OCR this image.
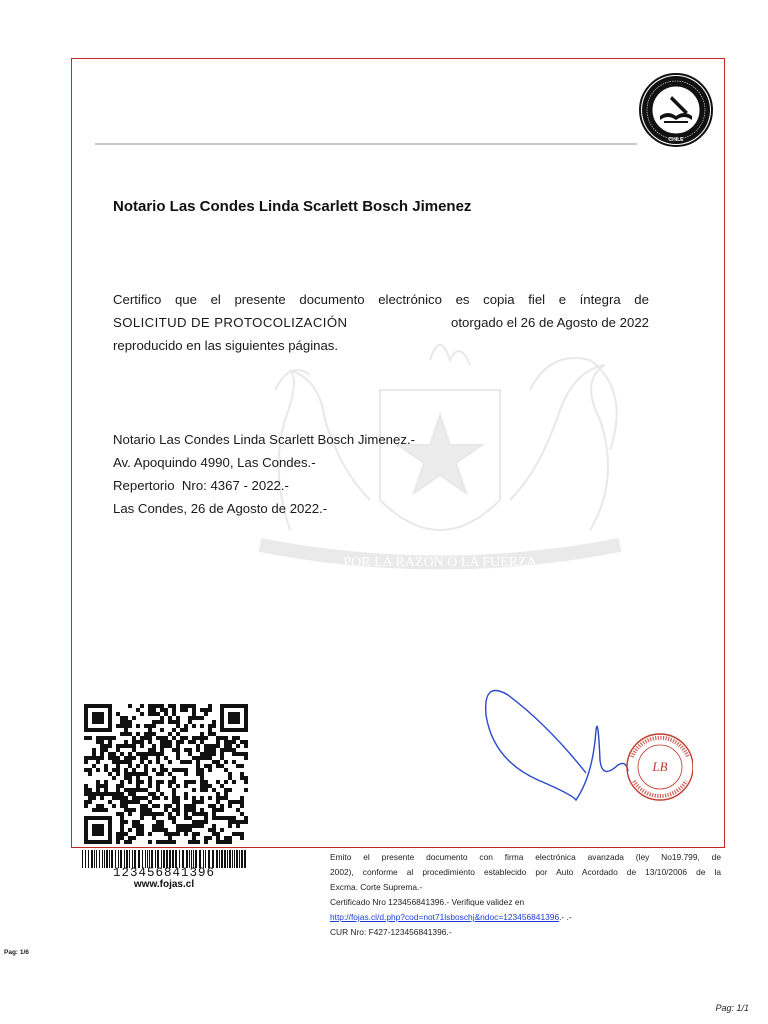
CHILE
POR LA RAZON O LA FUERZA
Notario Las Condes Linda Scarlett Bosch Jimenez
Certifico que el presente documento electrónico es copia fiel e íntegra de
SOLICITUD DE PROTOCOLIZACIÓN	otorgado el 26 de Agosto de 2022
reproducido en las siguientes páginas.
Notario Las Condes Linda Scarlett Bosch Jimenez.-
Av. Apoquindo 4990, Las Condes.-
Repertorio  Nro: 4367 - 2022.-
Las Condes, 26 de Agosto de 2022.-
LB
123456841396
www.fojas.cl
Emito el presente documento con firma electrónica avanzada (ley No19.799, de
2002), conforme al procedimiento establecido por Auto Acordado de 13/10/2006 de la
Excma. Corte Suprema.-
Certificado Nro 123456841396.- Verifique validez en
http://fojas.cl/d.php?cod=not71lsboschj&ndoc=123456841396.- .-
CUR Nro: F427-123456841396.-
Pag: 1/6
Pag: 1/1
